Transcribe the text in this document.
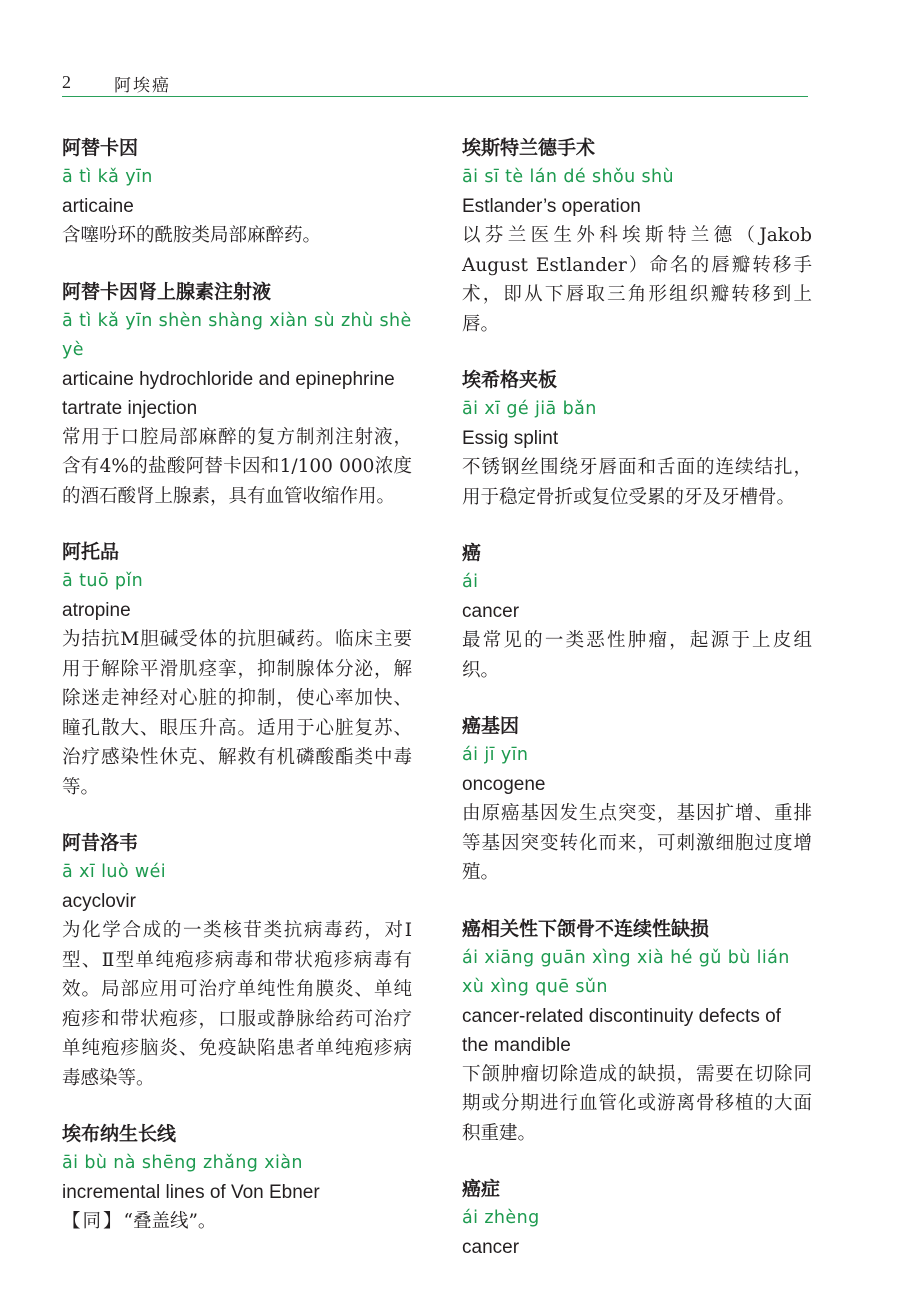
2	阿埃癌
阿替卡因
ā tì kǎ yīn
articaine
含噻吩环的酰胺类局部麻醉药。
阿替卡因肾上腺素注射液
ā tì kǎ yīn shèn shàng xiàn sù zhù shè yè
articaine hydrochloride and epinephrine tartrate injection
常用于口腔局部麻醉的复方制剂注射液，含有4%的盐酸阿替卡因和1/100 000浓度的酒石酸肾上腺素，具有血管收缩作用。
阿托品
ā tuō pǐn
atropine
为拮抗M胆碱受体的抗胆碱药。临床主要用于解除平滑肌痉挛，抑制腺体分泌，解除迷走神经对心脏的抑制，使心率加快、瞳孔散大、眼压升高。适用于心脏复苏、治疗感染性休克、解救有机磷酸酯类中毒等。
阿昔洛韦
ā xī luò wéi
acyclovir
为化学合成的一类核苷类抗病毒药，对Ⅰ型、Ⅱ型单纯疱疹病毒和带状疱疹病毒有效。局部应用可治疗单纯性角膜炎、单纯疱疹和带状疱疹，口服或静脉给药可治疗单纯疱疹脑炎、免疫缺陷患者单纯疱疹病毒感染等。
埃布纳生长线
āi bù nà shēng zhǎng xiàn
incremental lines of Von Ebner
【同】“叠盖线”。
埃斯特兰德手术
āi sī tè lán dé shǒu shù
Estlander’s operation
以芬兰医生外科埃斯特兰德（Jakob August Estlander）命名的唇瓣转移手术，即从下唇取三角形组织瓣转移到上唇。
埃希格夹板
āi xī gé jiā bǎn
Essig splint
不锈钢丝围绕牙唇面和舌面的连续结扎，用于稳定骨折或复位受累的牙及牙槽骨。
癌
ái
cancer
最常见的一类恶性肿瘤，起源于上皮组织。
癌基因
ái jī yīn
oncogene
由原癌基因发生点突变，基因扩增、重排等基因突变转化而来，可刺激细胞过度增殖。
癌相关性下颌骨不连续性缺损
ái xiāng guān xìng xià hé gǔ bù lián xù xìng quē sǔn
cancer-related discontinuity defects of the mandible
下颌肿瘤切除造成的缺损，需要在切除同期或分期进行血管化或游离骨移植的大面积重建。
癌症
ái zhèng
cancer
